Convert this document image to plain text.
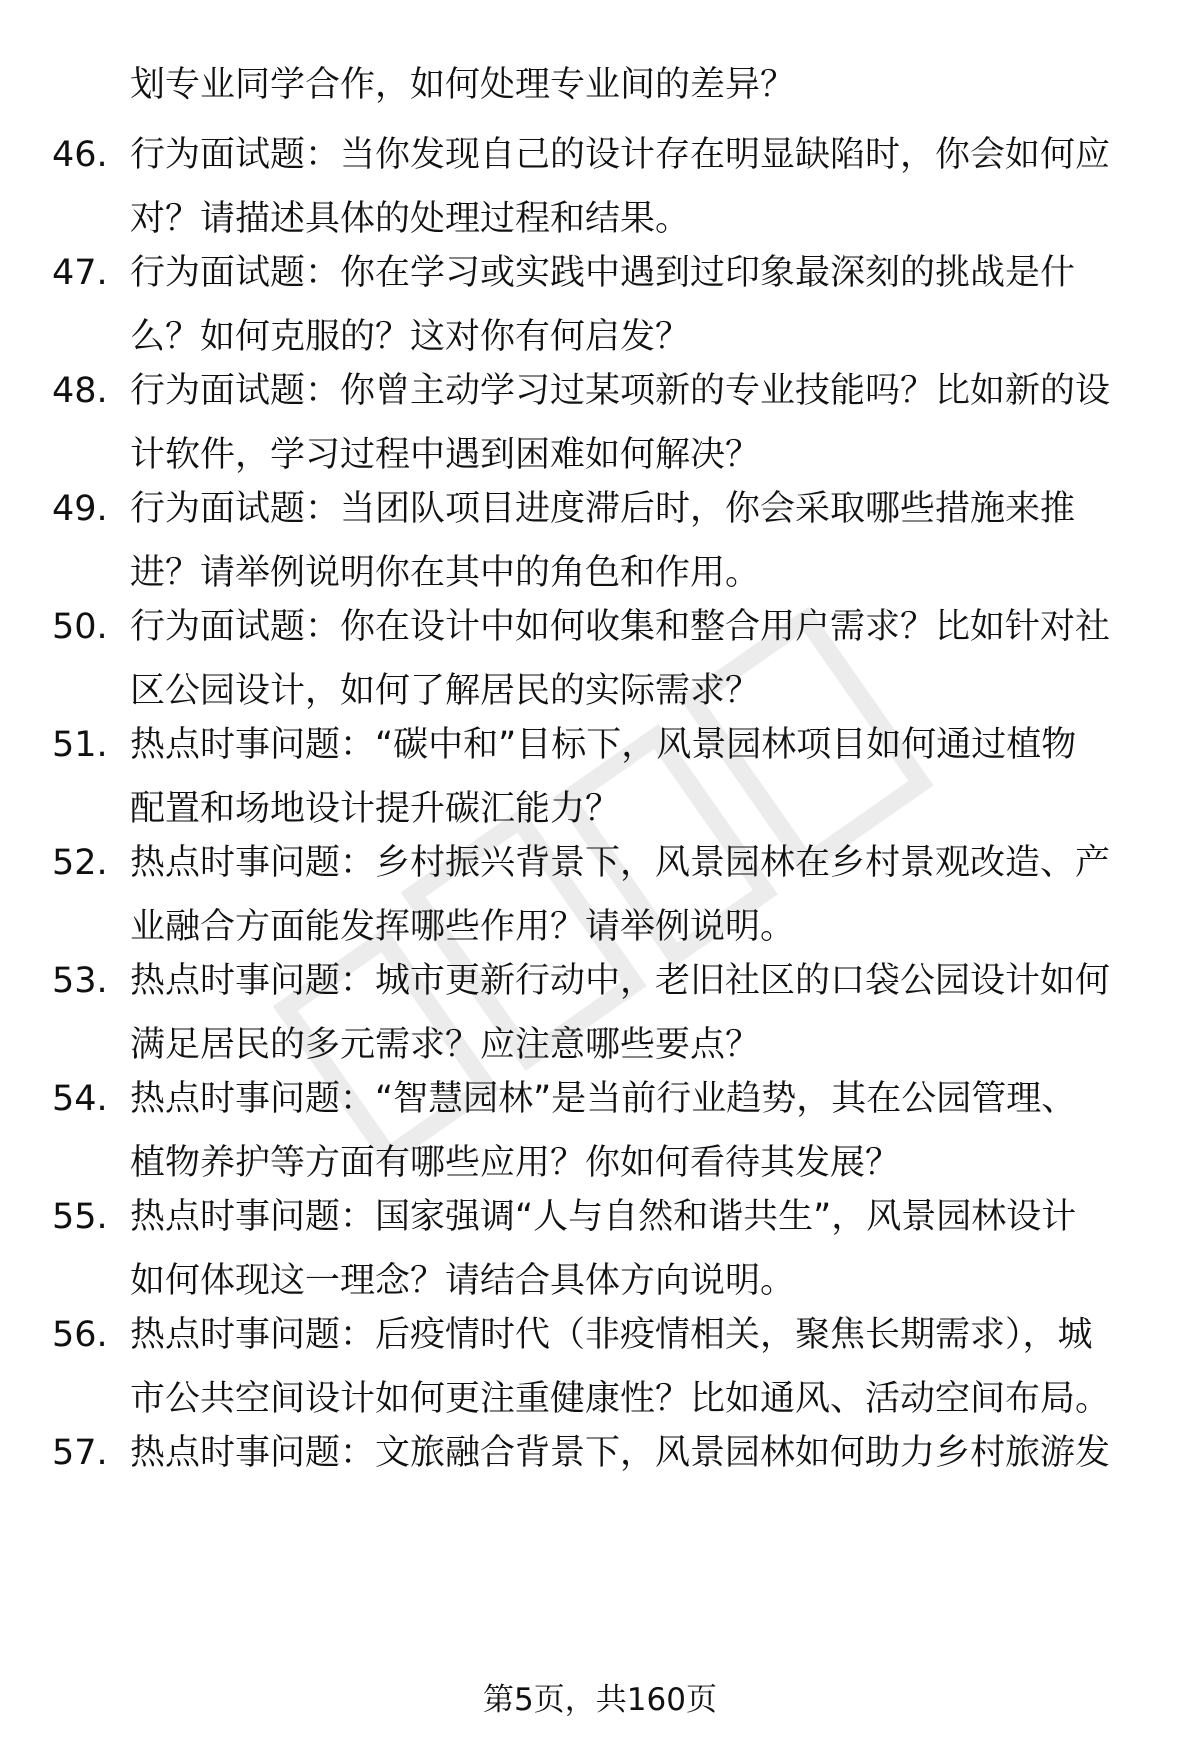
划专业同学合作，如何处理专业间的差异？
46. 行为面试题：当你发现自己的设计存在明显缺陷时，你会如何应
对？请描述具体的处理过程和结果。
47. 行为面试题：你在学习或实践中遇到过印象最深刻的挑战是什
么？如何克服的？这对你有何启发？
48. 行为面试题：你曾主动学习过某项新的专业技能吗？比如新的设
计软件，学习过程中遇到困难如何解决？
49. 行为面试题：当团队项目进度滞后时，你会采取哪些措施来推
进？请举例说明你在其中的角色和作用。
50. 行为面试题：你在设计中如何收集和整合用户需求？比如针对社
区公园设计，如何了解居民的实际需求？
51. 热点时事问题：“碳中和”目标下，风景园林项目如何通过植物
配置和场地设计提升碳汇能力？
52. 热点时事问题：乡村振兴背景下，风景园林在乡村景观改造、产
业融合方面能发挥哪些作用？请举例说明。
53. 热点时事问题：城市更新行动中，老旧社区的口袋公园设计如何
满足居民的多元需求？应注意哪些要点？
54. 热点时事问题：“智慧园林”是当前行业趋势，其在公园管理、
植物养护等方面有哪些应用？你如何看待其发展？
55. 热点时事问题：国家强调“人与自然和谐共生”，风景园林设计
如何体现这一理念？请结合具体方向说明。
56. 热点时事问题：后疫情时代（非疫情相关，聚焦长期需求），城
市公共空间设计如何更注重健康性？比如通风、活动空间布局。
57. 热点时事问题：文旅融合背景下，风景园林如何助力乡村旅游发
第5页，共160页
